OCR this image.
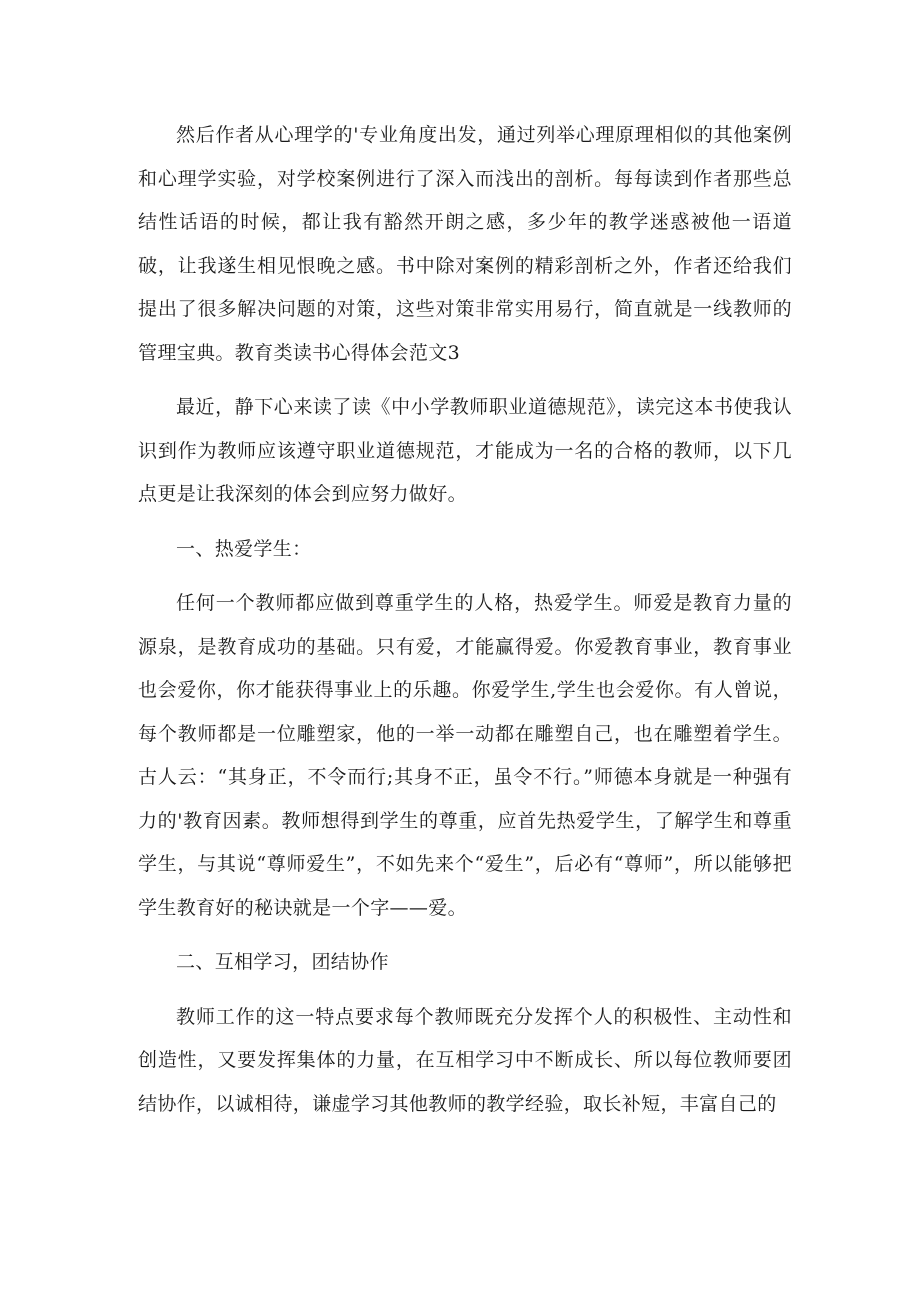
然后作者从心理学的'专业角度出发，通过列举心理原理相似的其他案例和心理学实验，对学校案例进行了深入而浅出的剖析。每每读到作者那些总结性话语的时候，都让我有豁然开朗之感，多少年的教学迷惑被他一语道破，让我遂生相见恨晚之感。书中除对案例的精彩剖析之外，作者还给我们提出了很多解决问题的对策，这些对策非常实用易行，简直就是一线教师的管理宝典。教育类读书心得体会范文3

最近，静下心来读了读《中小学教师职业道德规范》，读完这本书使我认识到作为教师应该遵守职业道德规范，才能成为一名的合格的教师，以下几点更是让我深刻的体会到应努力做好。

一、热爱学生：

任何一个教师都应做到尊重学生的人格，热爱学生。师爱是教育力量的源泉，是教育成功的基础。只有爱，才能赢得爱。你爱教育事业，教育事业也会爱你，你才能获得事业上的乐趣。你爱学生,学生也会爱你。有人曾说，每个教师都是一位雕塑家，他的一举一动都在雕塑自己，也在雕塑着学生。古人云：“其身正，不令而行;其身不正，虽令不行。”师德本身就是一种强有力的'教育因素。教师想得到学生的尊重，应首先热爱学生，了解学生和尊重学生，与其说“尊师爱生”，不如先来个“爱生”，后必有“尊师”，所以能够把学生教育好的秘诀就是一个字——爱。

二、互相学习，团结协作

教师工作的这一特点要求每个教师既充分发挥个人的积极性、主动性和创造性，又要发挥集体的力量，在互相学习中不断成长、所以每位教师要团结协作，以诚相待，谦虚学习其他教师的教学经验，取长补短，丰富自己的
